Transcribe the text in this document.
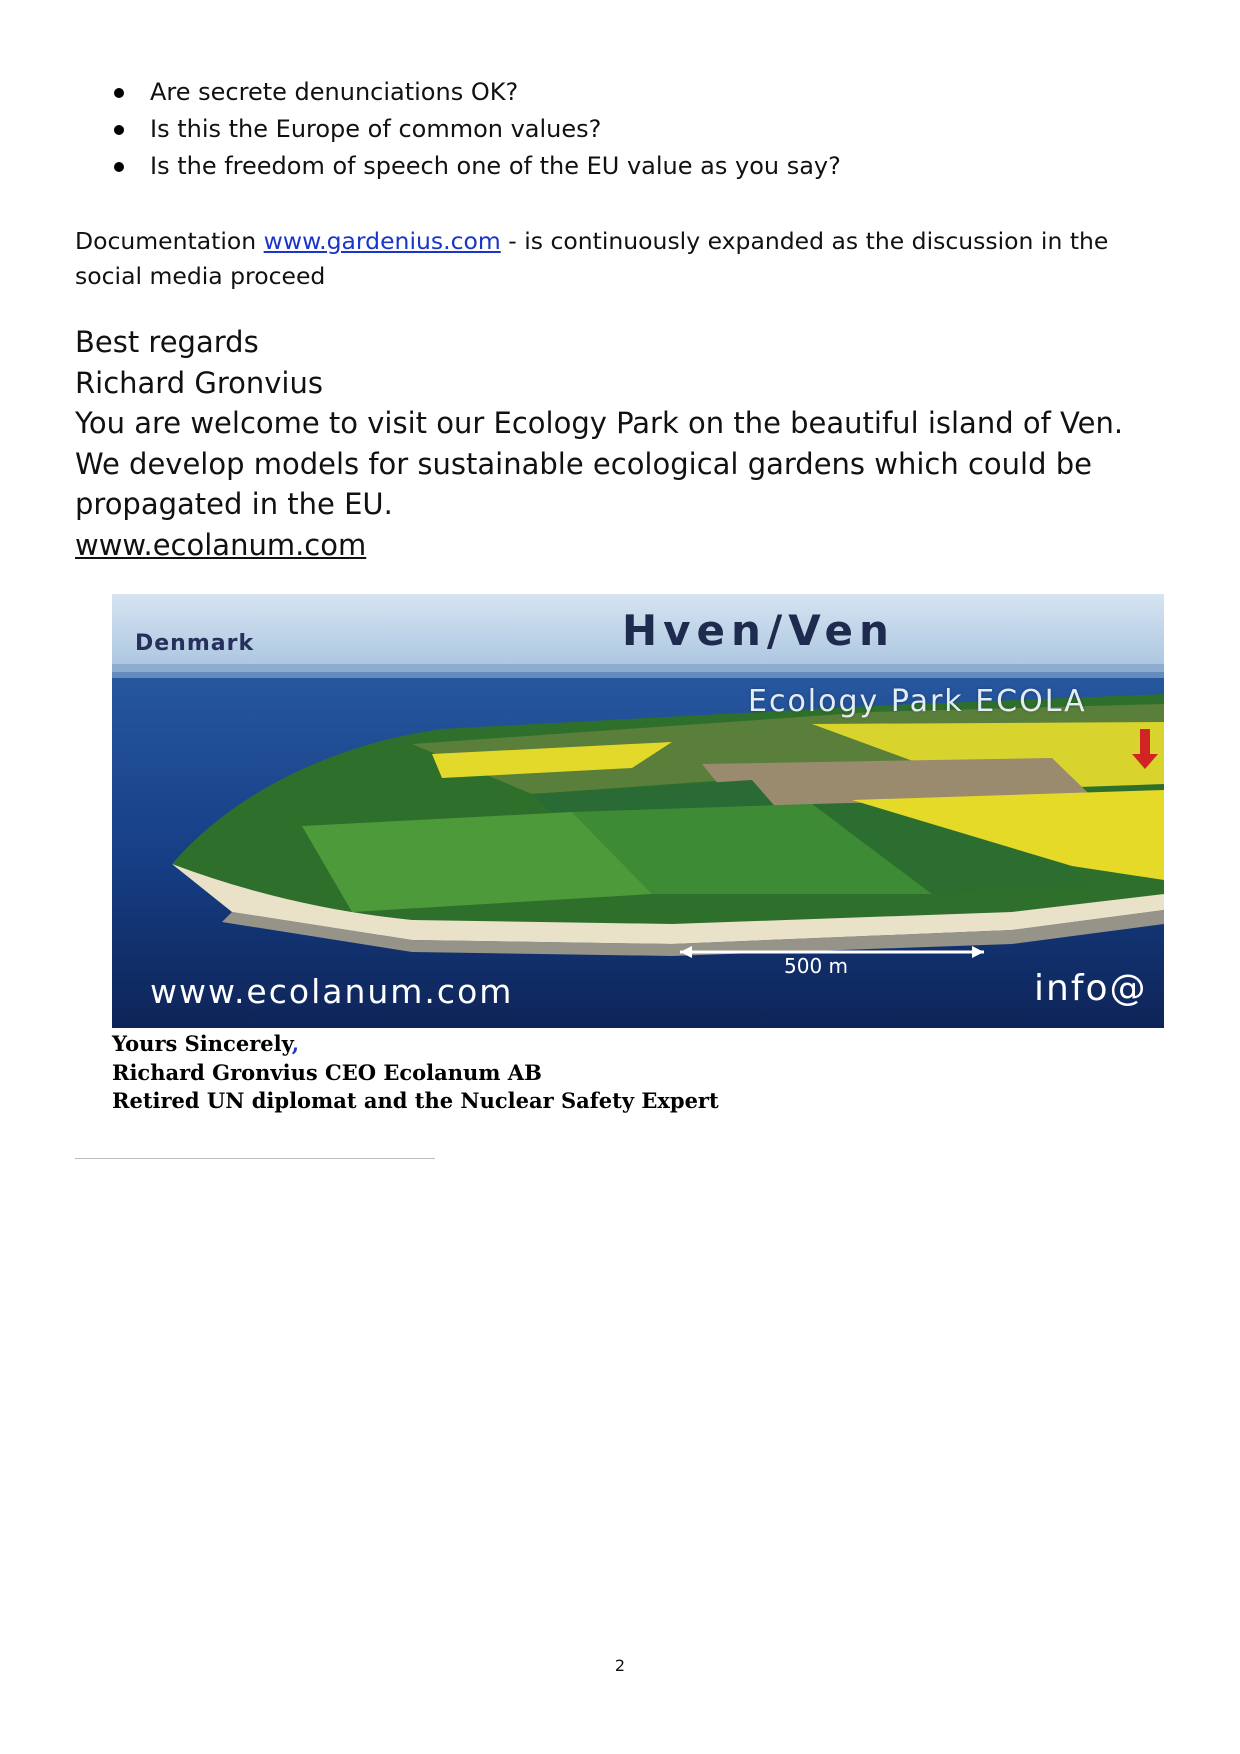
Are secrete denunciations OK?
Is this the Europe of common values?
Is the freedom of speech one of the EU value as you say?
Documentation www.gardenius.com - is continuously expanded as the discussion in the social media proceed
Best regards
Richard Gronvius
You are welcome to visit our Ecology Park on the beautiful island of Ven.
We develop models for sustainable ecological gardens which could be
propagated in the EU.
www.ecolanum.com
Denmark	Hven/Ven
Ecology Park ECOLA
500 m
www.ecolanum.com	info@
Yours Sincerely,
Richard Gronvius CEO Ecolanum AB
Retired UN diplomat and the Nuclear Safety Expert
2
